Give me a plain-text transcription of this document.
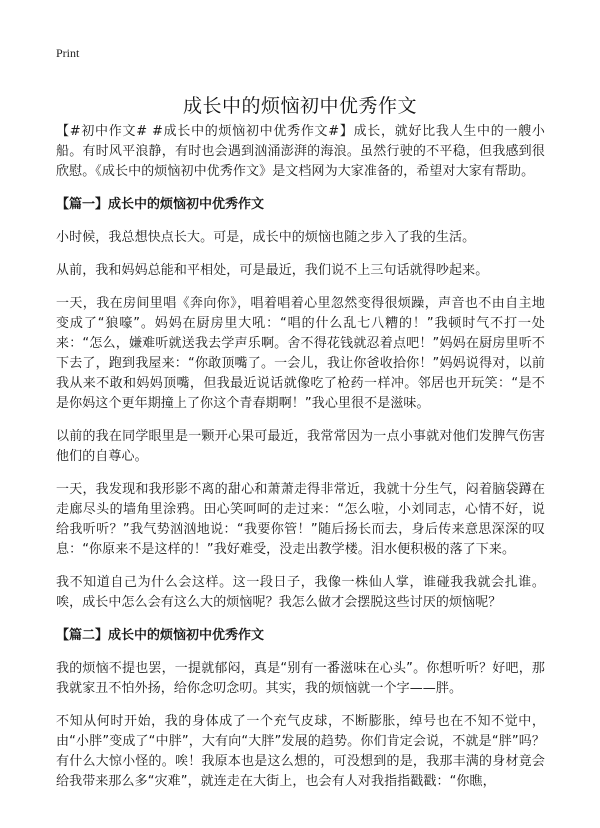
Print
成长中的烦恼初中优秀作文

【#初中作文# #成长中的烦恼初中优秀作文#】成长，就好比我人生中的一艘小船。有时风平浪静，有时也会遇到汹涌澎湃的海浪。虽然行驶的不平稳，但我感到很欣慰。《成长中的烦恼初中优秀作文》是文档网为大家准备的，希望对大家有帮助。

【篇一】成长中的烦恼初中优秀作文

小时候，我总想快点长大。可是，成长中的烦恼也随之步入了我的生活。

从前，我和妈妈总能和平相处，可是最近，我们说不上三句话就得吵起来。

一天，我在房间里唱《奔向你》，唱着唱着心里忽然变得很烦躁，声音也不由自主地变成了“狼嚎”。妈妈在厨房里大吼：“唱的什么乱七八糟的！”我顿时气不打一处来：“怎么，嫌难听就送我去学声乐啊。舍不得花钱就忍着点吧！”妈妈在厨房里听不下去了，跑到我屋来：“你敢顶嘴了。一会儿，我让你爸收拾你！”妈妈说得对，以前我从来不敢和妈妈顶嘴，但我最近说话就像吃了枪药一样冲。邻居也开玩笑：“是不是你妈这个更年期撞上了你这个青春期啊！”我心里很不是滋味。

以前的我在同学眼里是一颗开心果可最近，我常常因为一点小事就对他们发脾气伤害他们的自尊心。

一天，我发现和我形影不离的甜心和萧萧走得非常近，我就十分生气，闷着脑袋蹲在走廊尽头的墙角里涂鸦。田心笑呵呵的走过来：“怎么啦，小刘同志，心情不好，说给我听听？”我气势汹汹地说：“我要你管！”随后扬长而去，身后传来意思深深的叹息：“你原来不是这样的！”我好难受，没走出教学楼。泪水便积极的落了下来。

我不知道自己为什么会这样。这一段日子，我像一株仙人掌，谁碰我我就会扎谁。唉，成长中怎么会有这么大的烦恼呢？我怎么做才会摆脱这些讨厌的烦恼呢？

【篇二】成长中的烦恼初中优秀作文

我的烦恼不提也罢，一提就郁闷，真是“别有一番滋味在心头”。你想听听？好吧，那我就家丑不怕外扬，给你念叨念叨。其实，我的烦恼就一个字——胖。

不知从何时开始，我的身体成了一个充气皮球，不断膨胀，绰号也在不知不觉中，由“小胖”变成了“中胖”，大有向“大胖”发展的趋势。你们肯定会说，不就是“胖”吗？有什么大惊小怪的。唉！我原本也是这么想的，可没想到的是，我那丰满的身材竟会给我带来那么多“灾难”，就连走在大街上，也会有人对我指指戳戳：“你瞧，
